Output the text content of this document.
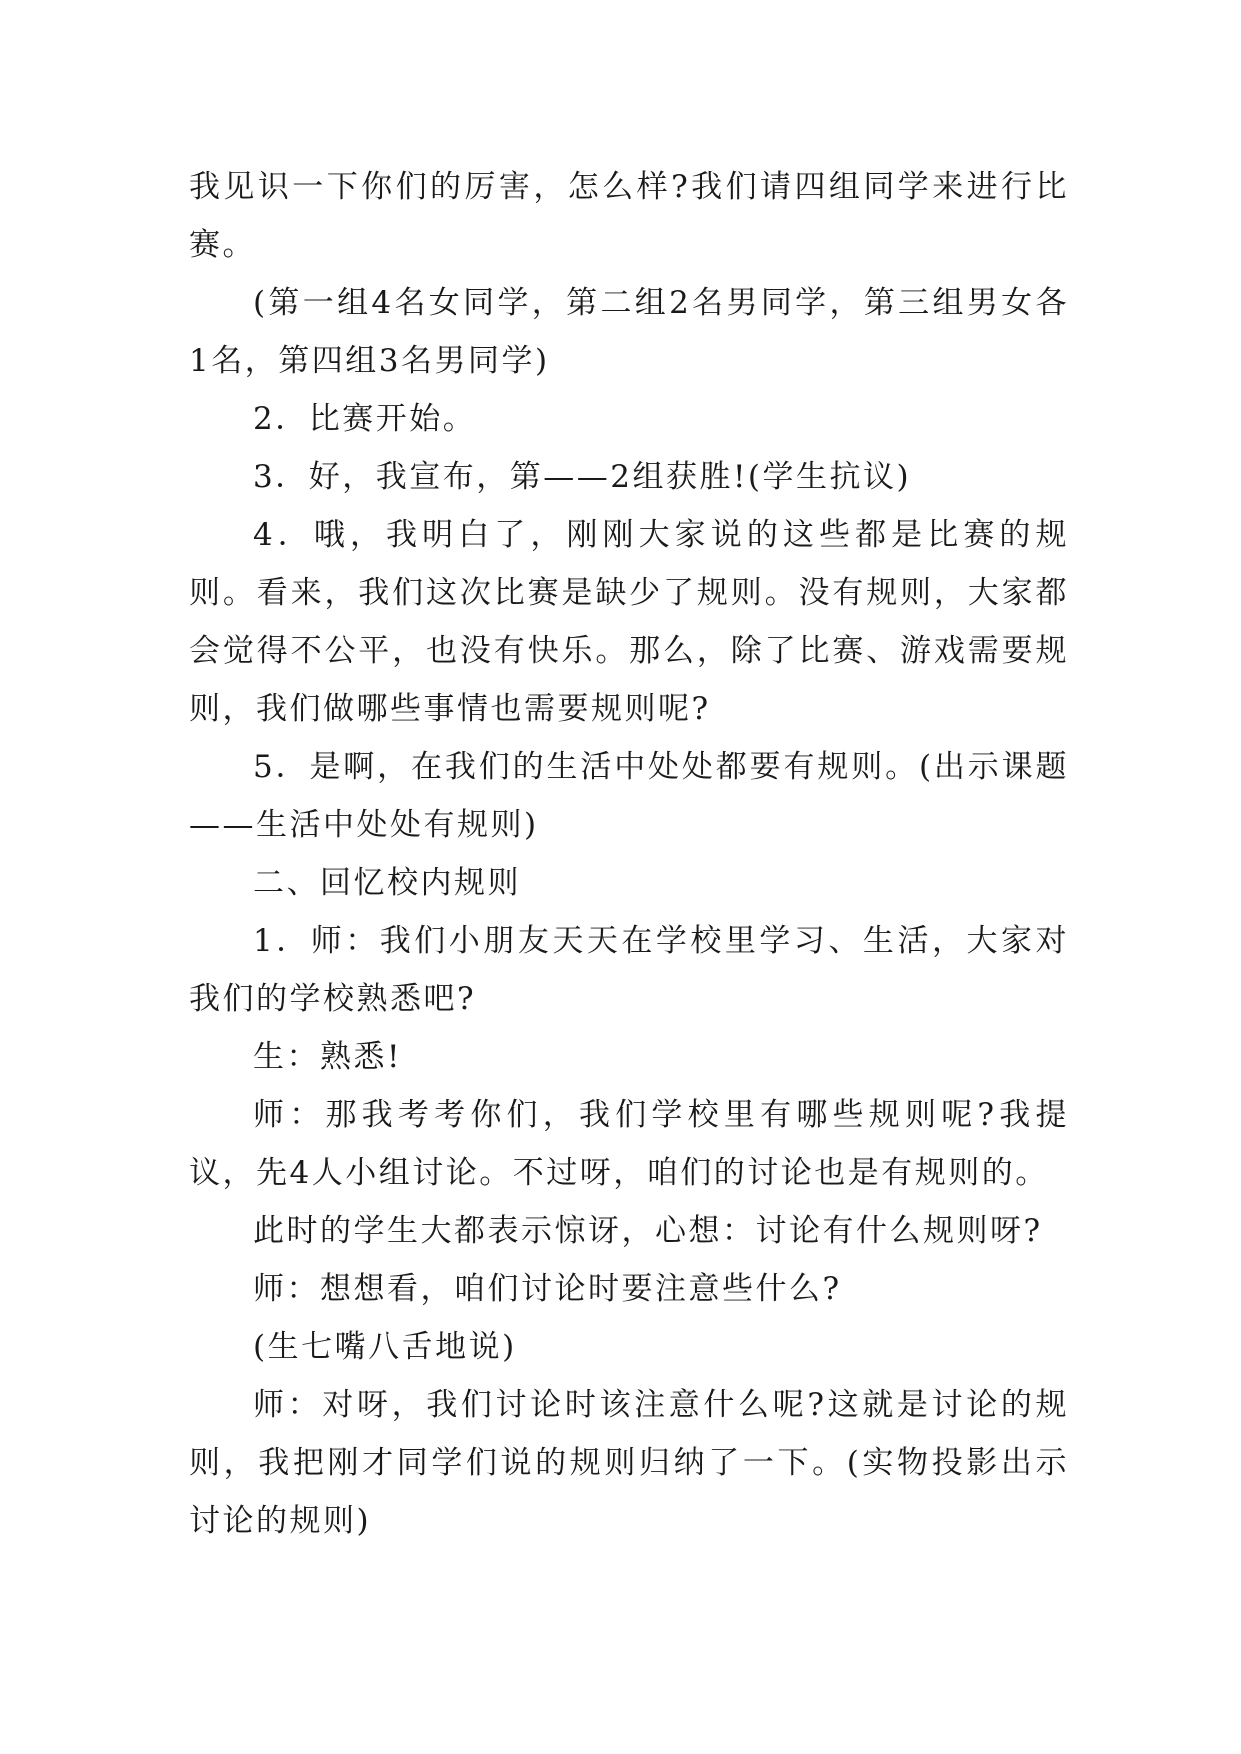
我见识一下你们的厉害，怎么样?我们请四组同学来进行比赛。

(第一组4名女同学，第二组2名男同学，第三组男女各1名，第四组3名男同学)

2．比赛开始。

3．好，我宣布，第——2组获胜!(学生抗议)

4．哦，我明白了，刚刚大家说的这些都是比赛的规则。看来，我们这次比赛是缺少了规则。没有规则，大家都会觉得不公平，也没有快乐。那么，除了比赛、游戏需要规则，我们做哪些事情也需要规则呢?

5．是啊，在我们的生活中处处都要有规则。(出示课题——生活中处处有规则)

二、回忆校内规则

1．师：我们小朋友天天在学校里学习、生活，大家对我们的学校熟悉吧?

生：熟悉!

师：那我考考你们，我们学校里有哪些规则呢?我提议，先4人小组讨论。不过呀，咱们的讨论也是有规则的。

此时的学生大都表示惊讶，心想：讨论有什么规则呀?

师：想想看，咱们讨论时要注意些什么?

(生七嘴八舌地说)

师：对呀，我们讨论时该注意什么呢?这就是讨论的规则，我把刚才同学们说的规则归纳了一下。(实物投影出示讨论的规则)
